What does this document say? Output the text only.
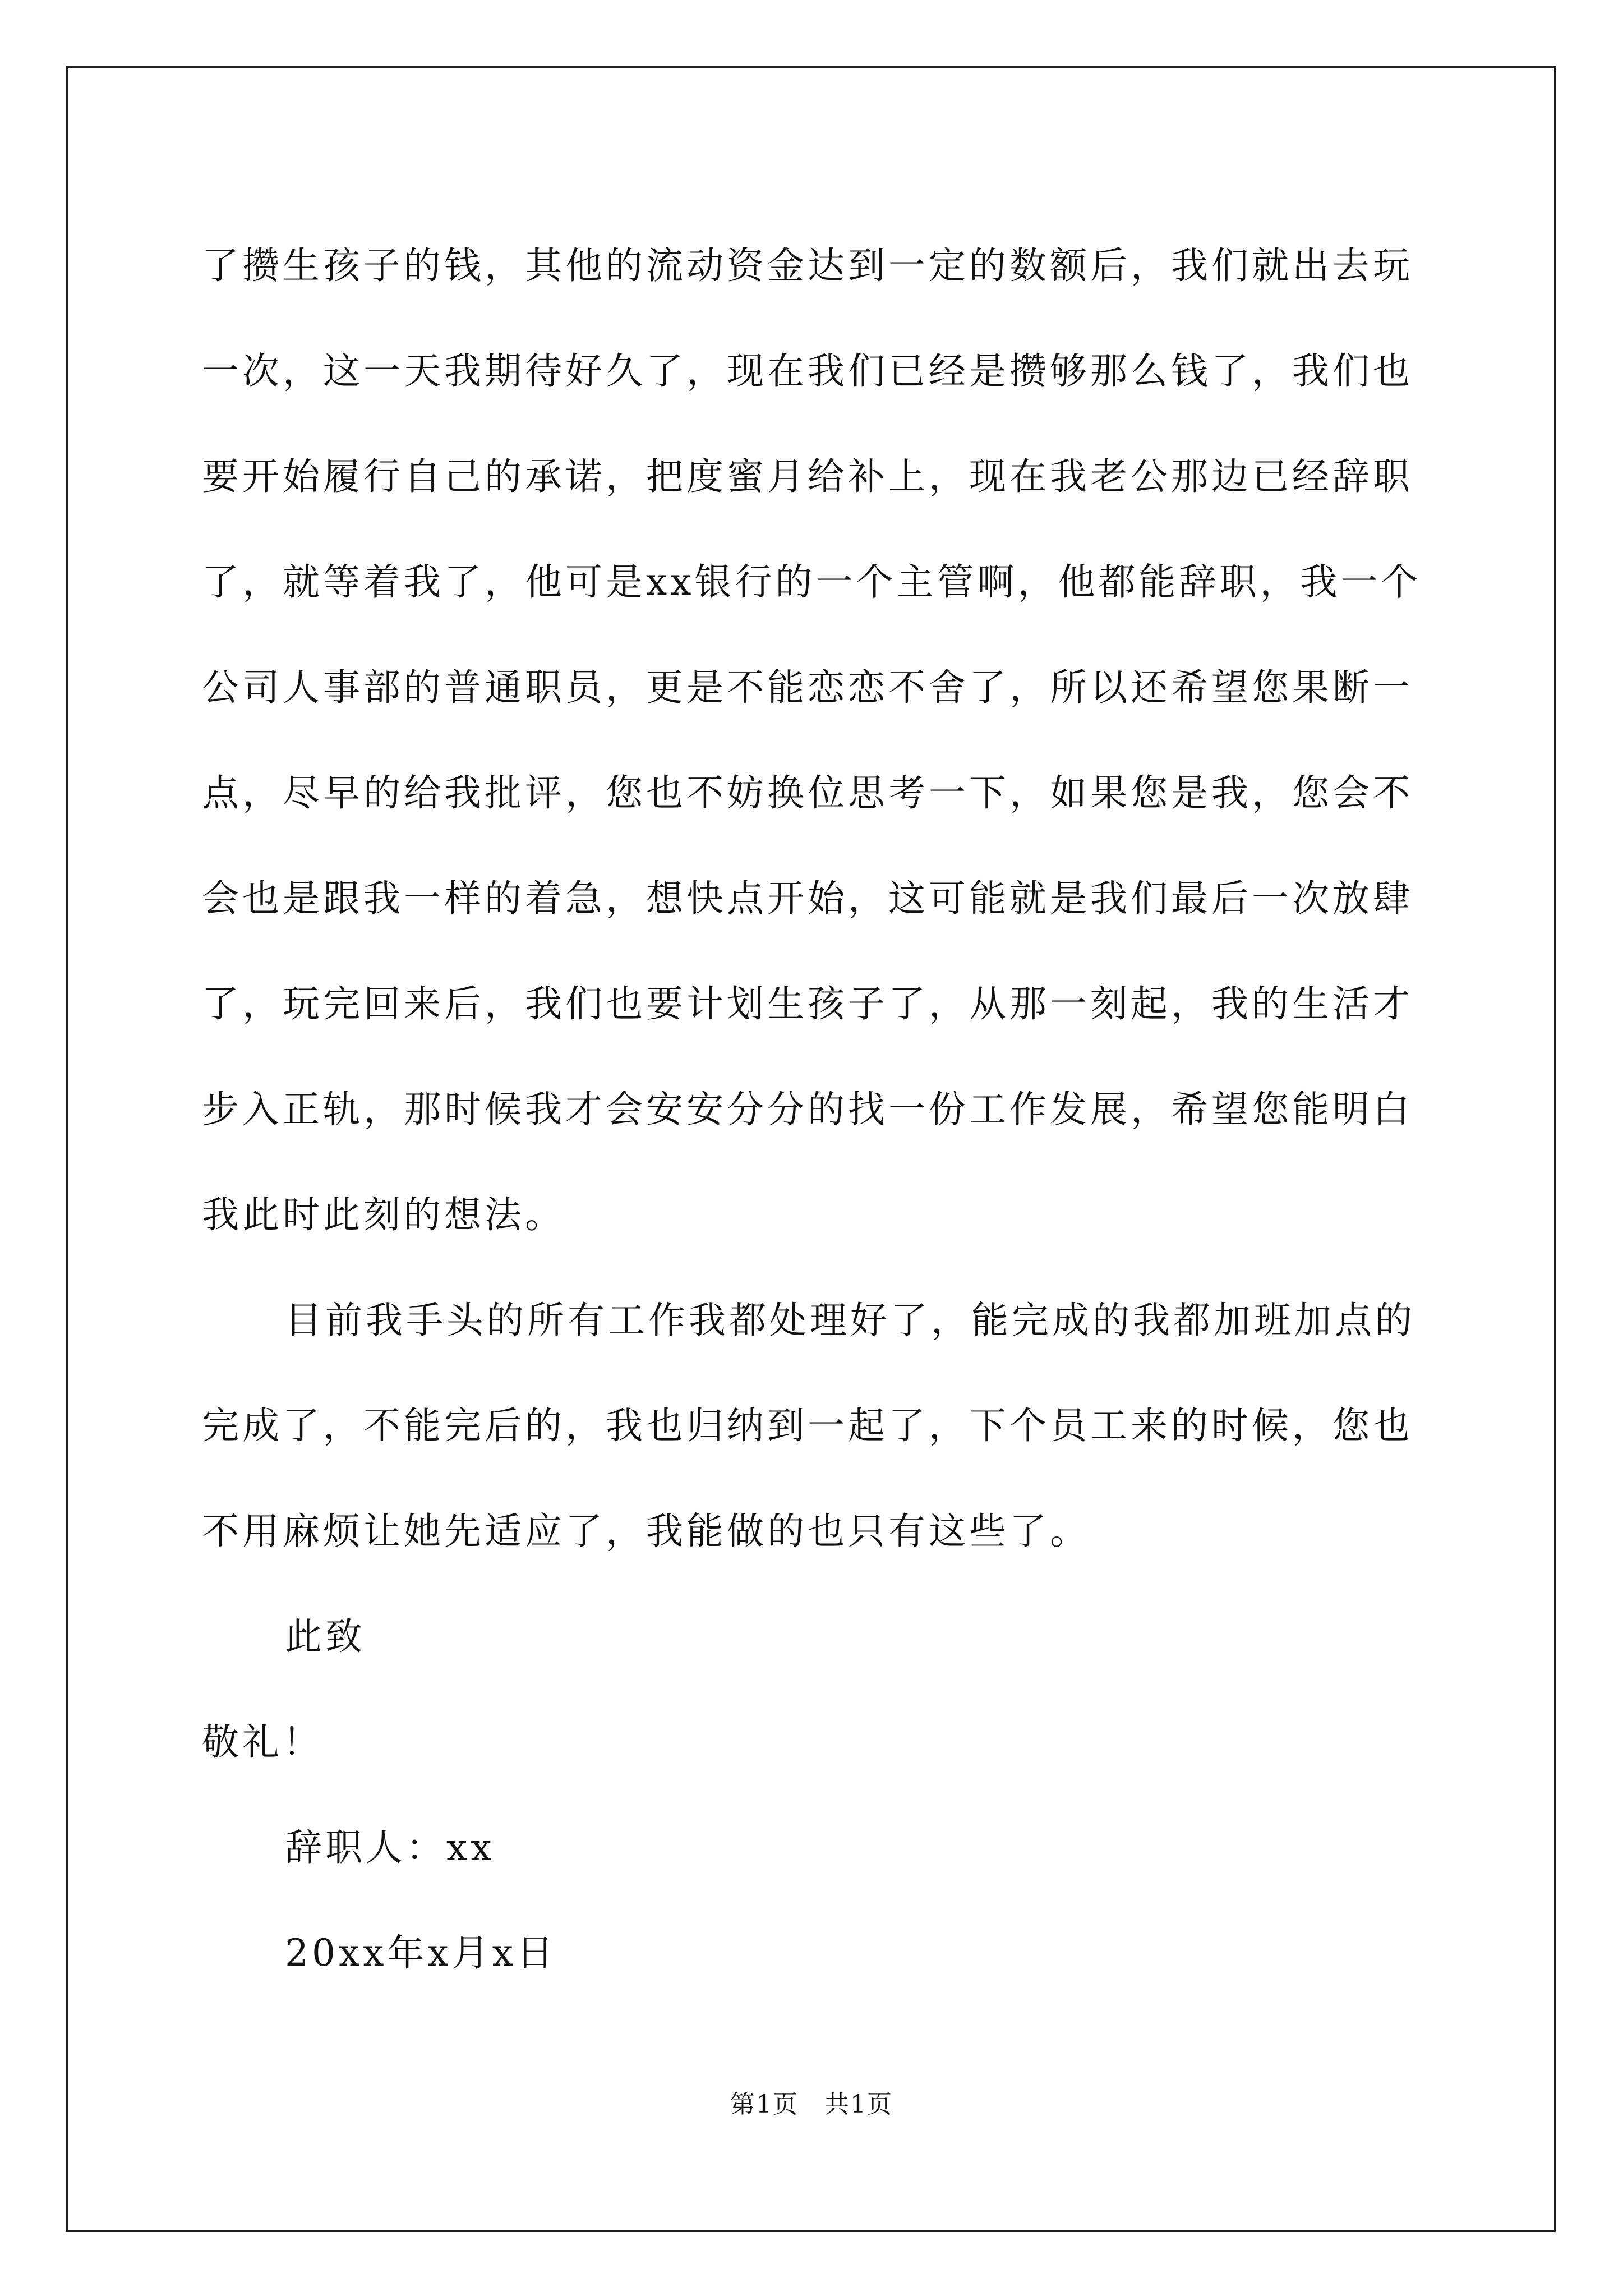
了攒生孩子的钱，其他的流动资金达到一定的数额后，我们就出去玩
一次，这一天我期待好久了，现在我们已经是攒够那么钱了，我们也
要开始履行自己的承诺，把度蜜月给补上，现在我老公那边已经辞职
了，就等着我了，他可是xx银行的一个主管啊，他都能辞职，我一个
公司人事部的普通职员，更是不能恋恋不舍了，所以还希望您果断一
点，尽早的给我批评，您也不妨换位思考一下，如果您是我，您会不
会也是跟我一样的着急，想快点开始，这可能就是我们最后一次放肆
了，玩完回来后，我们也要计划生孩子了，从那一刻起，我的生活才
步入正轨，那时候我才会安安分分的找一份工作发展，希望您能明白
我此时此刻的想法。
目前我手头的所有工作我都处理好了，能完成的我都加班加点的
完成了，不能完后的，我也归纳到一起了，下个员工来的时候，您也
不用麻烦让她先适应了，我能做的也只有这些了。
此致
敬礼！
辞职人：xx
20xx年x月x日
第1页　共1页
